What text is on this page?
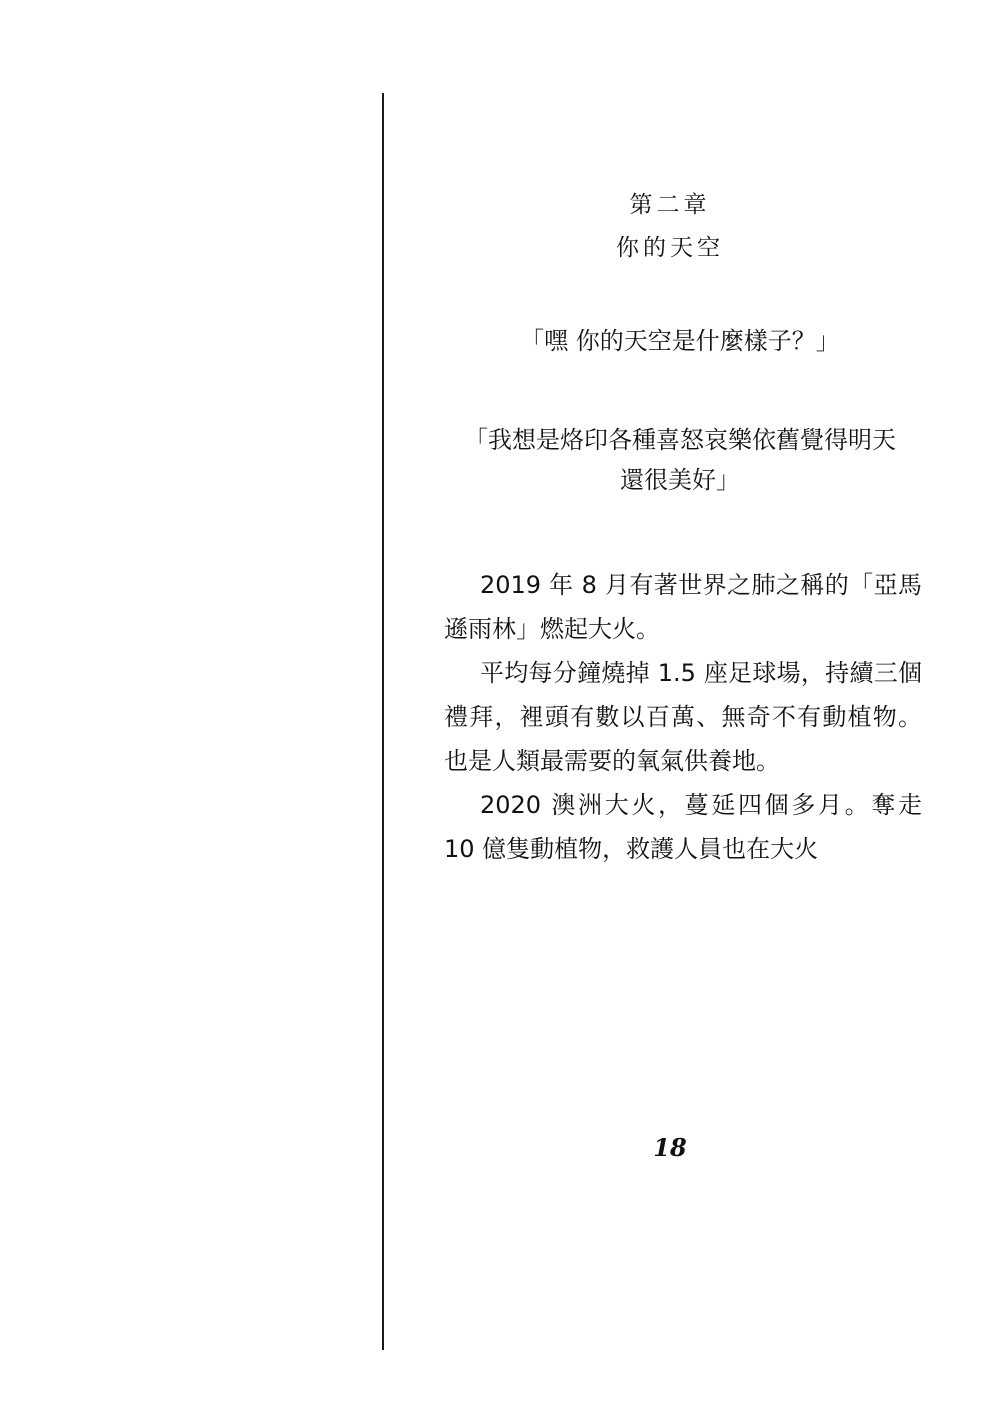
第二章
你的天空
「嘿 你的天空是什麼樣子？」
「我想是烙印各種喜怒哀樂依舊覺得明天
還很美好」

2019 年 8 月有著世界之肺之稱的「亞馬遜雨林」燃起大火。

平均每分鐘燒掉 1.5 座足球場，持續三個禮拜，裡頭有數以百萬、無奇不有動植物。也是人類最需要的氧氣供養地。

2020 澳洲大火，蔓延四個多月。奪走 10 億隻動植物，救護人員也在大火

18
